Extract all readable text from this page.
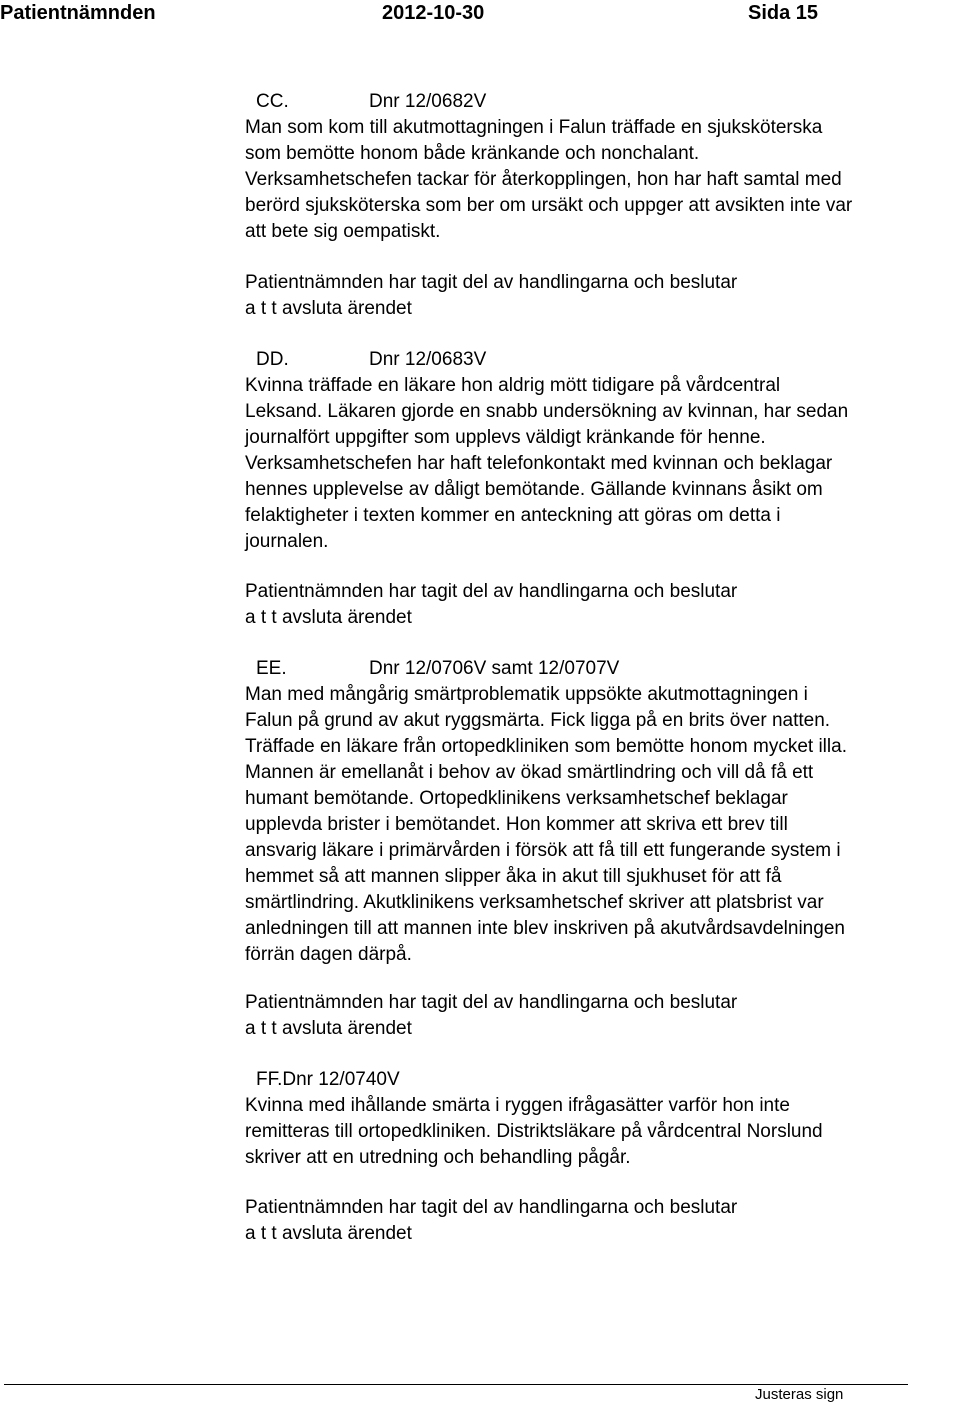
Patientnämnden	2012-10-30	Sida 15
CC.	Dnr 12/0682V
Man som kom till akutmottagningen i Falun träffade en sjuksköterska
som bemötte honom både kränkande och nonchalant.
Verksamhetschefen tackar för återkopplingen, hon har haft samtal med
berörd sjuksköterska som ber om ursäkt och uppger att avsikten inte var
att bete sig oempatiskt.
Patientnämnden har tagit del av handlingarna och beslutar
a t t avsluta ärendet
DD.	Dnr 12/0683V
Kvinna träffade en läkare hon aldrig mött tidigare på vårdcentral
Leksand. Läkaren gjorde en snabb undersökning av kvinnan, har sedan
journalfört uppgifter som upplevs väldigt kränkande för henne.
Verksamhetschefen har haft telefonkontakt med kvinnan och beklagar
hennes upplevelse av dåligt bemötande. Gällande kvinnans åsikt om
felaktigheter i texten kommer en anteckning att göras om detta i
journalen.
Patientnämnden har tagit del av handlingarna och beslutar
a t t avsluta ärendet
EE.	Dnr 12/0706V samt 12/0707V
Man med mångårig smärtproblematik uppsökte akutmottagningen i
Falun på grund av akut ryggsmärta. Fick ligga på en brits över natten.
Träffade en läkare från ortopedkliniken som bemötte honom mycket illa.
Mannen är emellanåt i behov av ökad smärtlindring och vill då få ett
humant bemötande. Ortopedklinikens verksamhetschef beklagar
upplevda brister i bemötandet. Hon kommer att skriva ett brev till
ansvarig läkare i primärvården i försök att få till ett fungerande system i
hemmet så att mannen slipper åka in akut till sjukhuset för att få
smärtlindring. Akutklinikens verksamhetschef skriver att platsbrist var
anledningen till att mannen inte blev inskriven på akutvårdsavdelningen
förrän dagen därpå.
Patientnämnden har tagit del av handlingarna och beslutar
a t t avsluta ärendet
FF.Dnr 12/0740V
Kvinna med ihållande smärta i ryggen ifrågasätter varför hon inte
remitteras till ortopedkliniken. Distriktsläkare på vårdcentral Norslund
skriver att en utredning och behandling pågår.
Patientnämnden har tagit del av handlingarna och beslutar
a t t avsluta ärendet
Justeras sign
